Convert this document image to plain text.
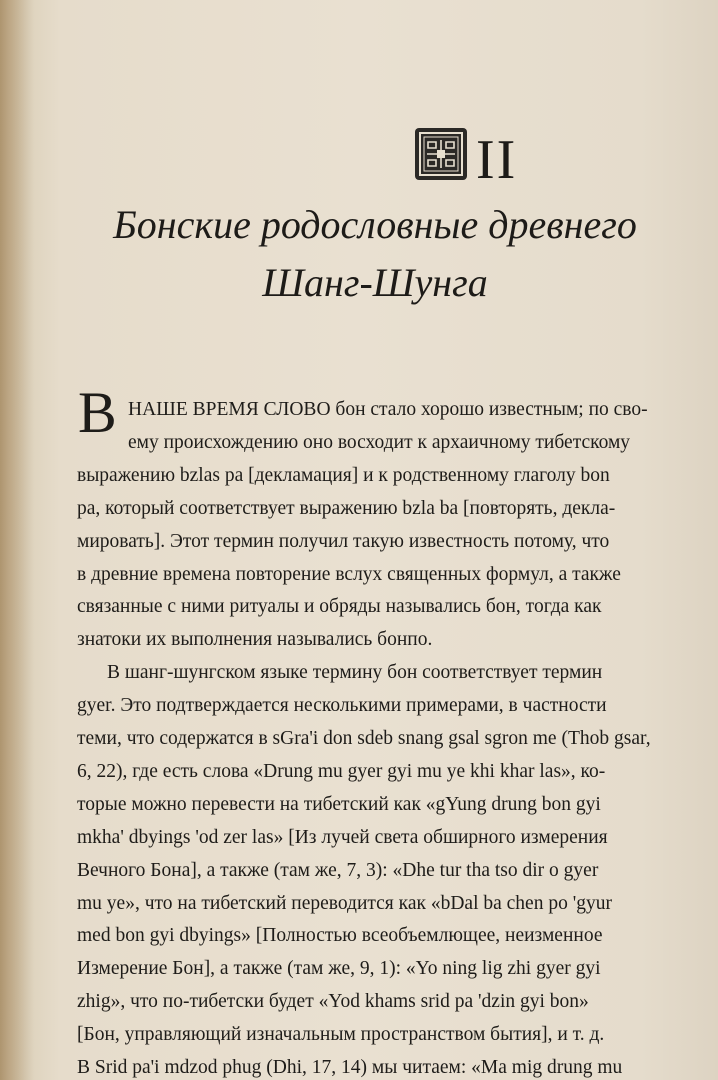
II
Бонские родословные древнего
Шанг-Шунга
В НАШЕ ВРЕМЯ СЛОВО бон стало хорошо известным; по сво-
ему происхождению оно восходит к архаичному тибетскому
выражению bzlas pa [декламация] и к родственному глаголу bon
pa, который соответствует выражению bzla ba [повторять, декла-
мировать]. Этот термин получил такую известность потому, что
в древние времена повторение вслух священных формул, а также
связанные с ними ритуалы и обряды назывались бон, тогда как
знатоки их выполнения назывались бонпо.
В шанг-шунгском языке термину бон соответствует термин
gyer. Это подтверждается несколькими примерами, в частности
теми, что содержатся в sGra'i don sdeb snang gsal sgron me (Thob gsar,
6, 22), где есть слова «Drung mu gyer gyi mu ye khi khar las», ко-
торые можно перевести на тибетский как «gYung drung bon gyi
mkha' dbyings 'od zer las» [Из лучей света обширного измерения
Вечного Бона], а также (там же, 7, 3): «Dhe tur tha tso dir o gyer
mu ye», что на тибетский переводится как «bDal ba chen po 'gyur
med bon gyi dbyings» [Полностью всеобъемлющее, неизменное
Измерение Бон], а также (там же, 9, 1): «Yo ning lig zhi gyer gyi
zhig», что по-тибетски будет «Yod khams srid pa 'dzin gyi bon»
[Бон, управляющий изначальным пространством бытия], и т. д.
В Srid pa'i mdzod phug (Dhi, 17, 14) мы читаем: «Ma mig drung mu
